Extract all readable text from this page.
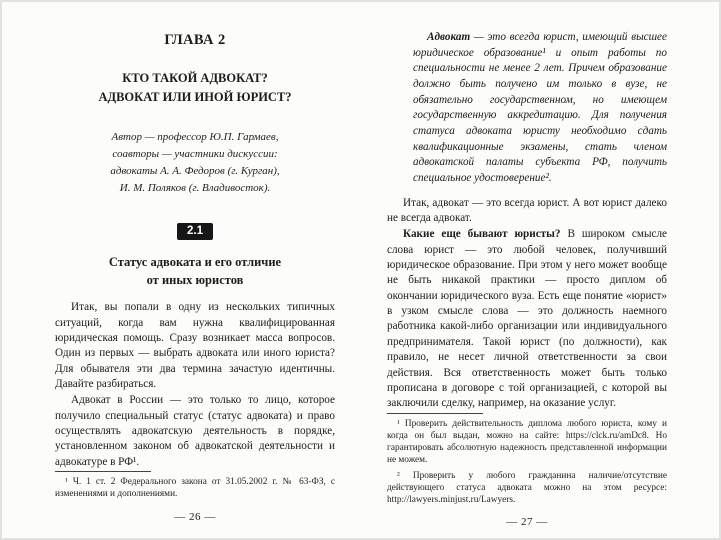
ГЛАВА 2
КТО ТАКОЙ АДВОКАТ?
АДВОКАТ ИЛИ ИНОЙ ЮРИСТ?
Автор — профессор Ю.П. Гармаев,
соавторы — участники дискуссии:
адвокаты А. А. Федоров (г. Курган),
И. М. Поляков (г. Владивосток).
2.1
Статус адвоката и его отличие
от иных юристов

Итак, вы попали в одну из нескольких типичных ситуаций, когда вам нужна квалифицированная юридическая помощь. Сразу возникает масса вопросов. Один из первых — выбрать адвоката или иного юриста? Для обывателя эти два термина зачастую идентичны. Давайте разбираться.

Адвокат в России — это только то лицо, которое получило специальный статус (статус адвоката) и право осуществлять адвокатскую деятельность в порядке, установленном законом об адвокатской деятельности и адвокатуре в РФ¹.

¹ Ч. 1 ст. 2 Федерального закона от 31.05.2002 г. № 63-ФЗ, с изменениями и дополнениями.

— 26 —

Адвокат — это всегда юрист, имеющий высшее юридическое образование¹ и опыт работы по специальности не менее 2 лет. Причем образование должно быть получено им только в вузе, не обязательно государственном, но имеющем государственную аккредитацию. Для получения статуса адвоката юристу необходимо сдать квалификационные экзамены, стать членом адвокатской палаты субъекта РФ, получить специальное удостоверение².

Итак, адвокат — это всегда юрист. А вот юрист далеко не всегда адвокат.

Какие еще бывают юристы? В широком смысле слова юрист — это любой человек, получивший юридическое образование. При этом у него может вообще не быть никакой практики — просто диплом об окончании юридического вуза. Есть еще понятие «юрист» в узком смысле слова — это должность наемного работника какой-либо организации или индивидуального предпринимателя. Такой юрист (по должности), как правило, не несет личной ответственности за свои действия. Вся ответственность может быть только прописана в договоре с той организацией, с которой вы заключили сделку, например, на оказание услуг.

¹ Проверить действительность диплома любого юриста, кому и когда он был выдан, можно на сайте: https://clck.ru/amDc8. Но гарантировать абсолютную надежность представленной информации не можем.

² Проверить у любого гражданина наличие/отсутствие действующего статуса адвоката можно на этом ресурсе: http://lawyers.minjust.ru/Lawyers.

— 27 —
